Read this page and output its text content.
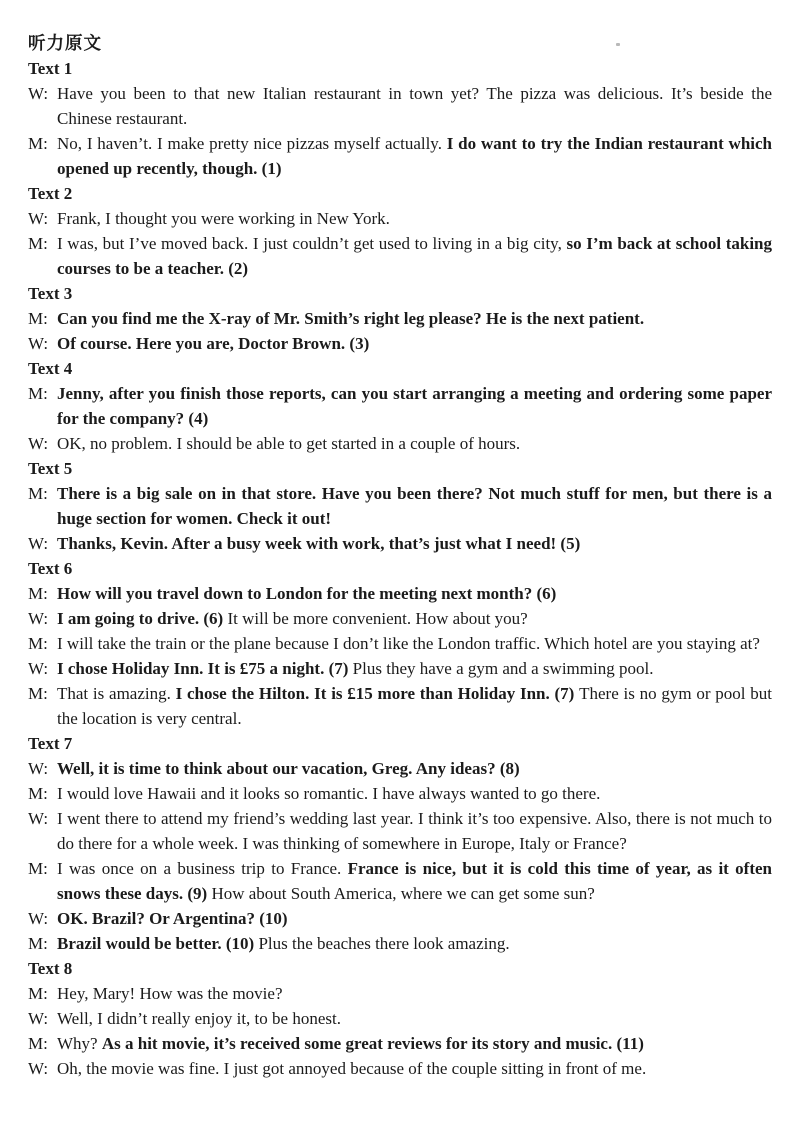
听力原文
Text 1

W: Have you been to that new Italian restaurant in town yet? The pizza was delicious. It’s beside the Chinese restaurant.

M: No, I haven’t. I make pretty nice pizzas myself actually. I do want to try the Indian restaurant which opened up recently, though. (1)

Text 2

W: Frank, I thought you were working in New York.

M: I was, but I’ve moved back. I just couldn’t get used to living in a big city, so I’m back at school taking courses to be a teacher. (2)

Text 3

M: Can you find me the X-ray of Mr. Smith’s right leg please? He is the next patient.

W: Of course. Here you are, Doctor Brown. (3)

Text 4

M: Jenny, after you finish those reports, can you start arranging a meeting and ordering some paper for the company? (4)

W: OK, no problem. I should be able to get started in a couple of hours.

Text 5

M: There is a big sale on in that store. Have you been there? Not much stuff for men, but there is a huge section for women. Check it out!

W: Thanks, Kevin. After a busy week with work, that’s just what I need! (5)

Text 6

M: How will you travel down to London for the meeting next month? (6)

W: I am going to drive. (6) It will be more convenient. How about you?

M: I will take the train or the plane because I don’t like the London traffic. Which hotel are you staying at?

W: I chose Holiday Inn. It is £75 a night. (7) Plus they have a gym and a swimming pool.

M: That is amazing. I chose the Hilton. It is £15 more than Holiday Inn. (7) There is no gym or pool but the location is very central.

Text 7

W: Well, it is time to think about our vacation, Greg. Any ideas? (8)

M: I would love Hawaii and it looks so romantic. I have always wanted to go there.

W: I went there to attend my friend’s wedding last year. I think it’s too expensive. Also, there is not much to do there for a whole week. I was thinking of somewhere in Europe, Italy or France?

M: I was once on a business trip to France. France is nice, but it is cold this time of year, as it often snows these days. (9) How about South America, where we can get some sun?

W: OK. Brazil? Or Argentina? (10)

M: Brazil would be better. (10) Plus the beaches there look amazing.

Text 8

M: Hey, Mary! How was the movie?

W: Well, I didn’t really enjoy it, to be honest.

M: Why? As a hit movie, it’s received some great reviews for its story and music. (11)

W: Oh, the movie was fine. I just got annoyed because of the couple sitting in front of me.
